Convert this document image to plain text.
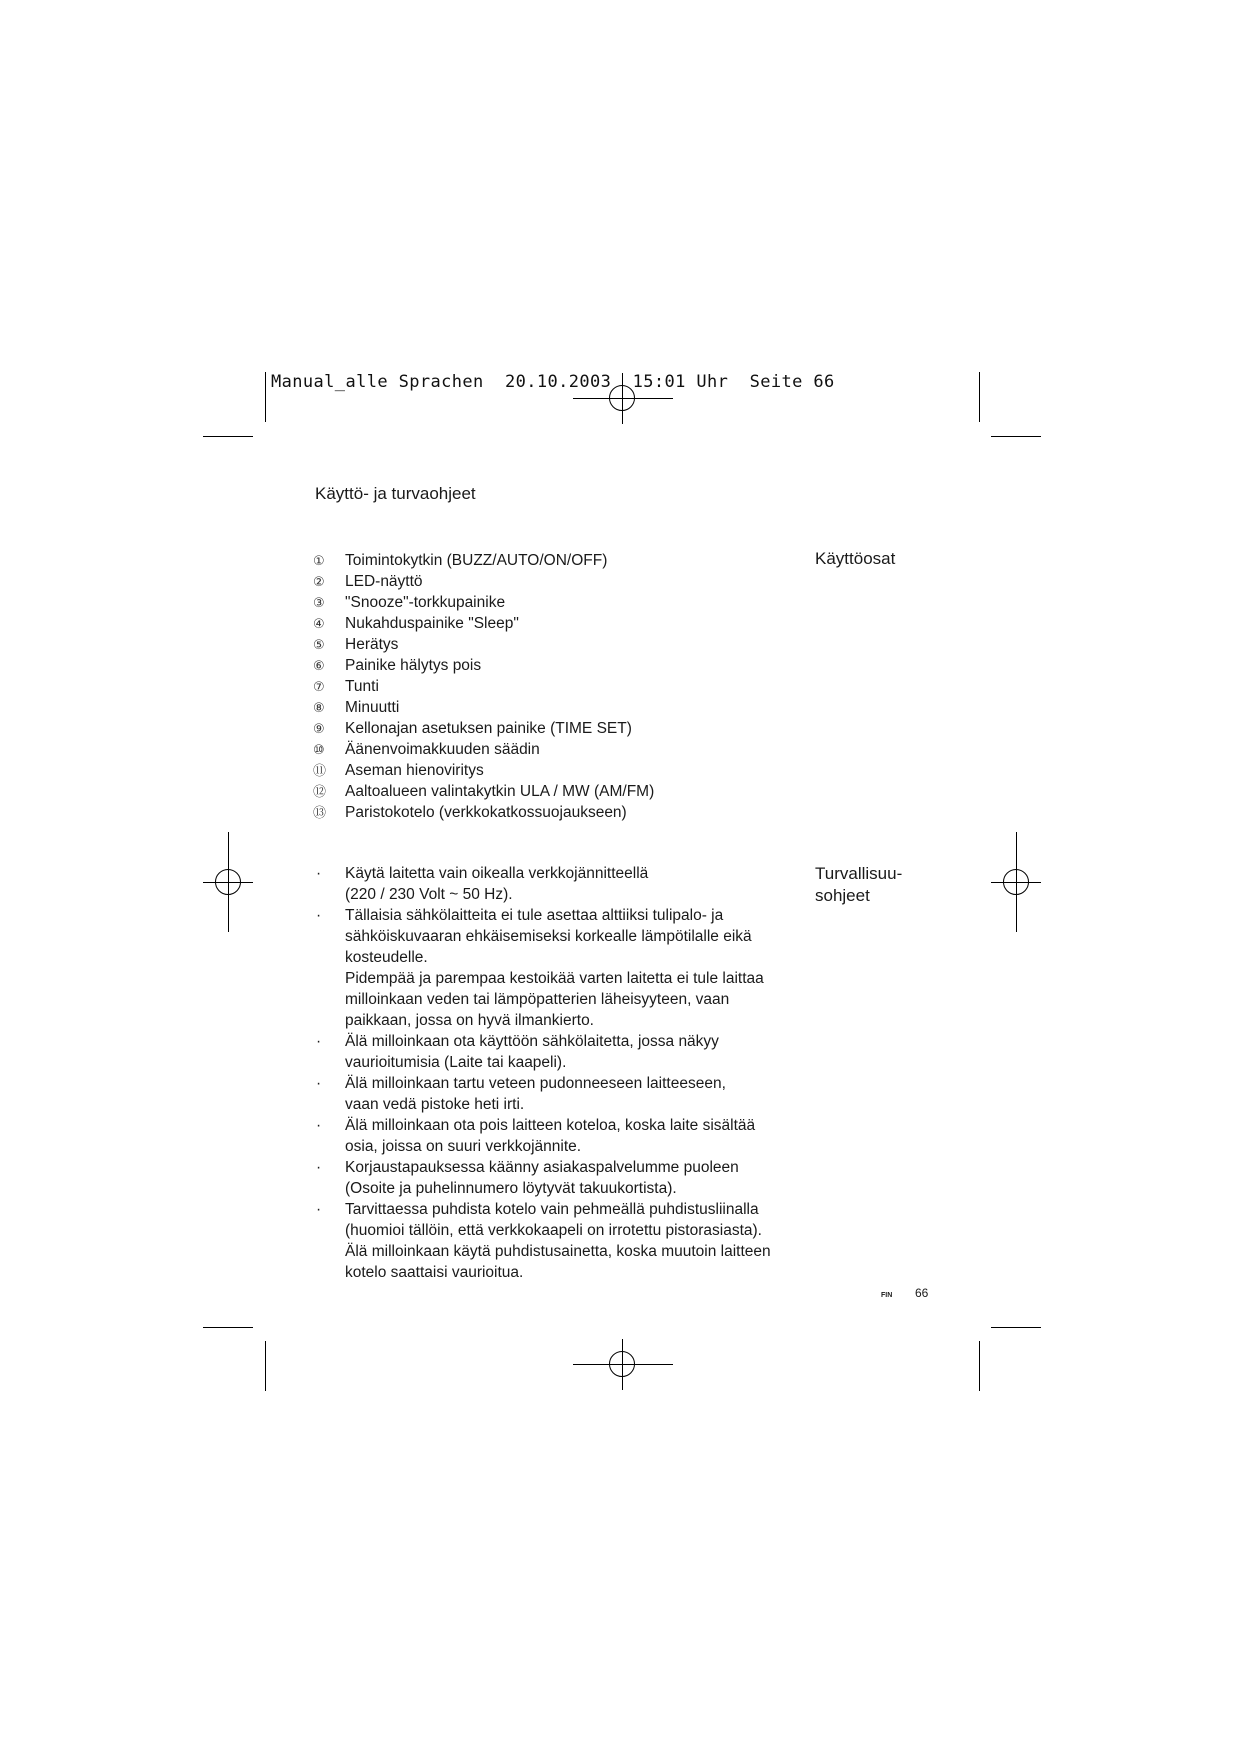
Manual_alle Sprachen  20.10.2003  15:01 Uhr  Seite 66
Käyttö- ja turvaohjeet
Käyttöosat
① Toimintokytkin (BUZZ/AUTO/ON/OFF)
② LED-näyttö
③ "Snooze"-torkkupainike
④ Nukahduspainike "Sleep"
⑤ Herätys
⑥ Painike hälytys pois
⑦ Tunti
⑧ Minuutti
⑨ Kellonajan asetuksen painike (TIME SET)
⑩ Äänenvoimakkuuden säädin
⑪ Aseman hienoviritys
⑫ Aaltoalueen valintakytkin ULA / MW (AM/FM)
⑬ Paristokotelo (verkkokatkossuojaukseen)
Turvallisuu-
sohjeet
· Käytä laitetta vain oikealla verkkojännitteellä

(220 / 230 Volt ~ 50 Hz).

· Tällaisia sähkölaitteita ei tule asettaa alttiiksi tulipalo- ja

sähköiskuvaaran ehkäisemiseksi korkealle lämpötilalle eikä

kosteudelle.

Pidempää ja parempaa kestoikää varten laitetta ei tule laittaa

milloinkaan veden tai lämpöpatterien läheisyyteen, vaan

paikkaan, jossa on hyvä ilmankierto.

· Älä milloinkaan ota käyttöön sähkölaitetta, jossa näkyy

vaurioitumisia (Laite tai kaapeli).

· Älä milloinkaan tartu veteen pudonneeseen laitteeseen,

vaan vedä pistoke heti irti.

· Älä milloinkaan ota pois laitteen koteloa, koska laite sisältää

osia, joissa on suuri verkkojännite.

· Korjaustapauksessa käänny asiakaspalvelumme puoleen

(Osoite ja puhelinnumero löytyvät takuukortista).

· Tarvittaessa puhdista kotelo vain pehmeällä puhdistusliinalla

(huomioi tällöin, että verkkokaapeli on irrotettu pistorasiasta).

Älä milloinkaan käytä puhdistusainetta, koska muutoin laitteen

kotelo saattaisi vaurioitua.

FIN 66
